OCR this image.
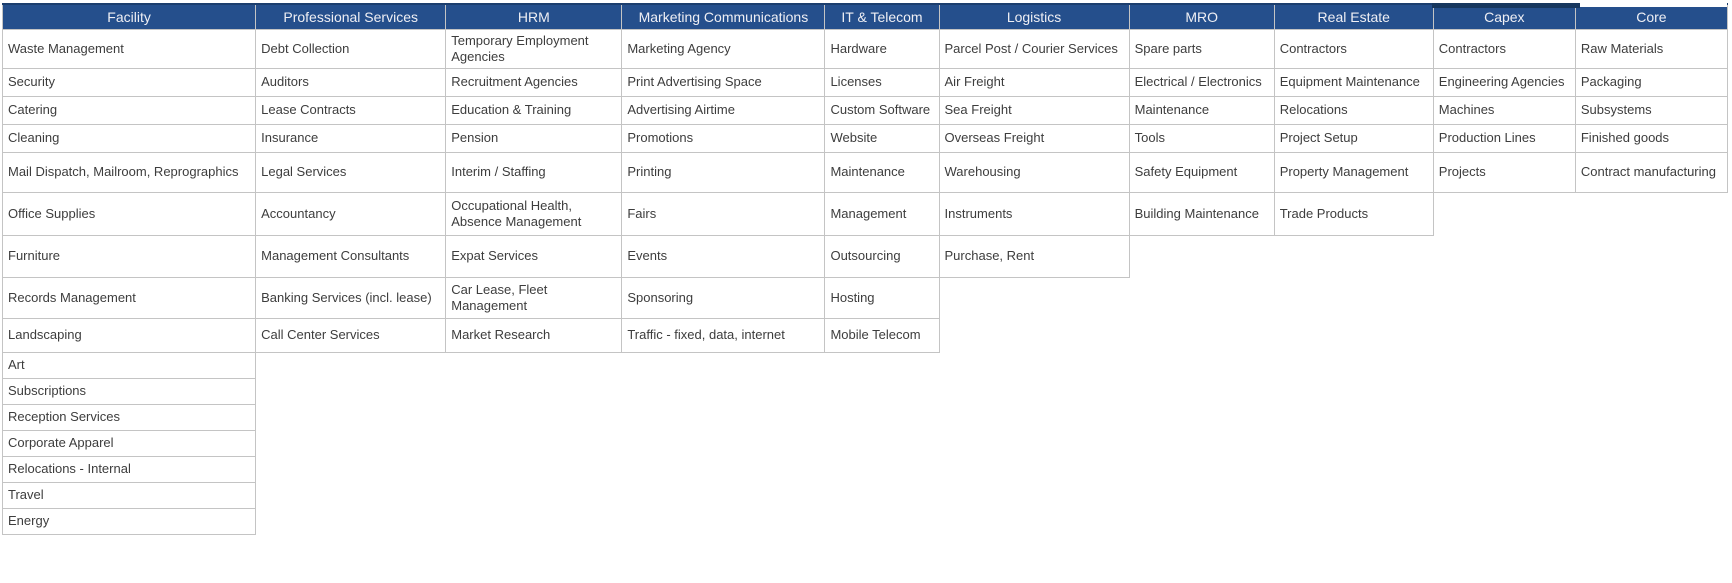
Facility	Professional Services	HRM	Marketing Communications	IT & Telecom	Logistics	MRO	Real Estate	Capex	Core
Waste Management	Debt Collection	Temporary Employment Agencies	Marketing Agency	Hardware	Parcel Post / Courier Services	Spare parts	Contractors	Contractors	Raw Materials
Security	Auditors	Recruitment Agencies	Print Advertising Space	Licenses	Air Freight	Electrical / Electronics	Equipment Maintenance	Engineering Agencies	Packaging
Catering	Lease Contracts	Education & Training	Advertising Airtime	Custom Software	Sea Freight	Maintenance	Relocations	Machines	Subsystems
Cleaning	Insurance	Pension	Promotions	Website	Overseas Freight	Tools	Project Setup	Production Lines	Finished goods
Mail Dispatch, Mailroom, Reprographics	Legal Services	Interim / Staffing	Printing	Maintenance	Warehousing	Safety Equipment	Property Management	Projects	Contract manufacturing
Office Supplies	Accountancy	Occupational Health, Absence Management	Fairs	Management	Instruments	Building Maintenance	Trade Products		
Furniture	Management Consultants	Expat Services	Events	Outsourcing	Purchase, Rent				
Records Management	Banking Services (incl. lease)	Car Lease, Fleet Management	Sponsoring	Hosting					
Landscaping	Call Center Services	Market Research	Traffic - fixed, data, internet	Mobile Telecom					
Art									
Subscriptions									
Reception Services									
Corporate Apparel									
Relocations - Internal									
Travel									
Energy									
